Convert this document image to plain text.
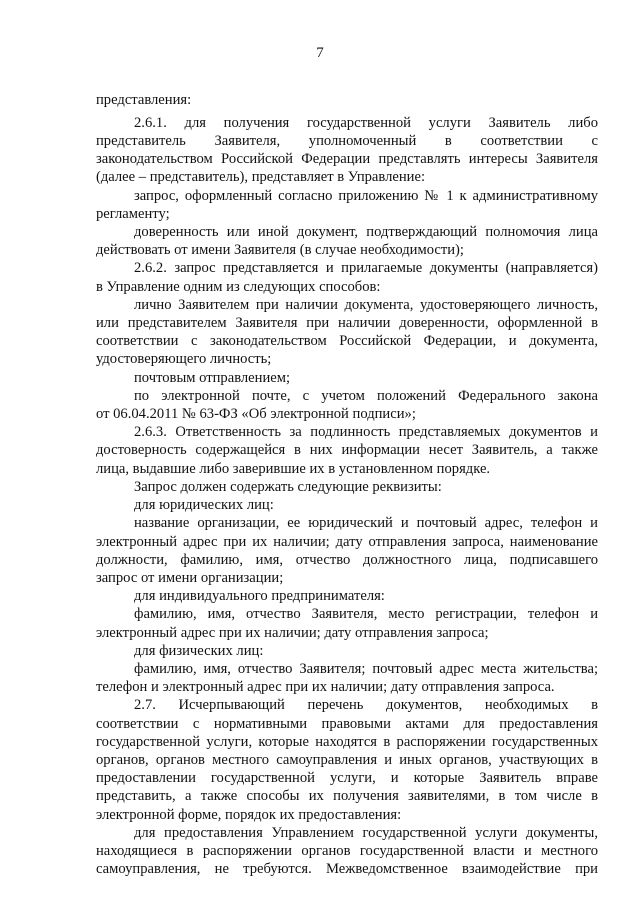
7
представления:
2.6.1. для получения государственной услуги Заявитель либо
представитель Заявителя, уполномоченный в соответствии с
законодательством Российской Федерации представлять интересы Заявителя
(далее – представитель), представляет в Управление:
запрос, оформленный согласно приложению № 1 к административному
регламенту;
доверенность или иной документ, подтверждающий полномочия лица
действовать от имени Заявителя (в случае необходимости);
2.6.2. запрос представляется и прилагаемые документы (направляется)
в Управление одним из следующих способов:
лично Заявителем при наличии документа, удостоверяющего личность,
или представителем Заявителя при наличии доверенности, оформленной в
соответствии с законодательством Российской Федерации, и документа,
удостоверяющего личность;
почтовым отправлением;
по электронной почте, с учетом положений Федерального закона
от 06.04.2011 № 63-ФЗ «Об электронной подписи»;
2.6.3. Ответственность за подлинность представляемых документов и
достоверность содержащейся в них информации несет Заявитель, а также
лица, выдавшие либо заверившие их в установленном порядке.
Запрос должен содержать следующие реквизиты:
для юридических лиц:
название организации, ее юридический и почтовый адрес, телефон и
электронный адрес при их наличии; дату отправления запроса, наименование
должности, фамилию, имя, отчество должностного лица, подписавшего
запрос от имени организации;
для индивидуального предпринимателя:
фамилию, имя, отчество Заявителя, место регистрации, телефон и
электронный адрес при их наличии; дату отправления запроса;
для физических лиц:
фамилию, имя, отчество Заявителя; почтовый адрес места жительства;
телефон и электронный адрес при их наличии; дату отправления запроса.
2.7. Исчерпывающий перечень документов, необходимых в
соответствии с нормативными правовыми актами для предоставления
государственной услуги, которые находятся в распоряжении государственных
органов, органов местного самоуправления и иных органов, участвующих в
предоставлении государственной услуги, и которые Заявитель вправе
представить, а также способы их получения заявителями, в том числе в
электронной форме, порядок их предоставления:
для предоставления Управлением государственной услуги документы,
находящиеся в распоряжении органов государственной власти и местного
самоуправления, не требуются. Межведомственное взаимодействие при
